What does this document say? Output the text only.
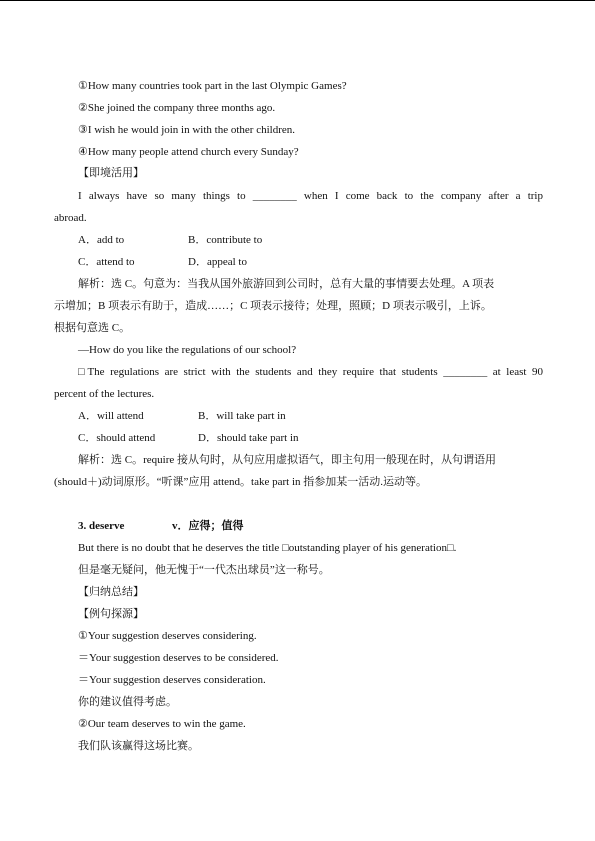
①How many countries took part in the last Olympic Games?
②She joined the company three months ago.
③I wish he would join in with the other children.
④How many people attend church every Sunday?
【即境活用】
I always have so many things to ________ when I come back to the company after a trip
abroad.
A．add to	B．contribute to
C．attend to	D．appeal to
解析：选 C。句意为：当我从国外旅游回到公司时，总有大量的事情要去处理。A 项表
示增加；B 项表示有助于，造成……；C 项表示接待；处理，照顾；D 项表示吸引，上诉。
根据句意选 C。
—How do you like the regulations of our school?
□The regulations are strict with the students and they require that students ________ at least 90
percent of the lectures.
A．will attend	B．will take part in
C．should attend	D．should take part in
解析：选 C。require 接从句时，从句应用虚拟语气，即主句用一般现在时，从句谓语用
(should＋)动词原形。“听课”应用 attend。take part in 指参加某一活动.运动等。
3. deserve	v．应得；值得
But there is no doubt that he deserves the title □outstanding player of his generation□.
但是毫无疑问，他无愧于“一代杰出球员”这一称号。
【归纳总结】
【例句探源】
①Your suggestion deserves considering.
＝Your suggestion deserves to be considered.
＝Your suggestion deserves consideration.
你的建议值得考虑。
②Our team deserves to win the game.
我们队该赢得这场比赛。
